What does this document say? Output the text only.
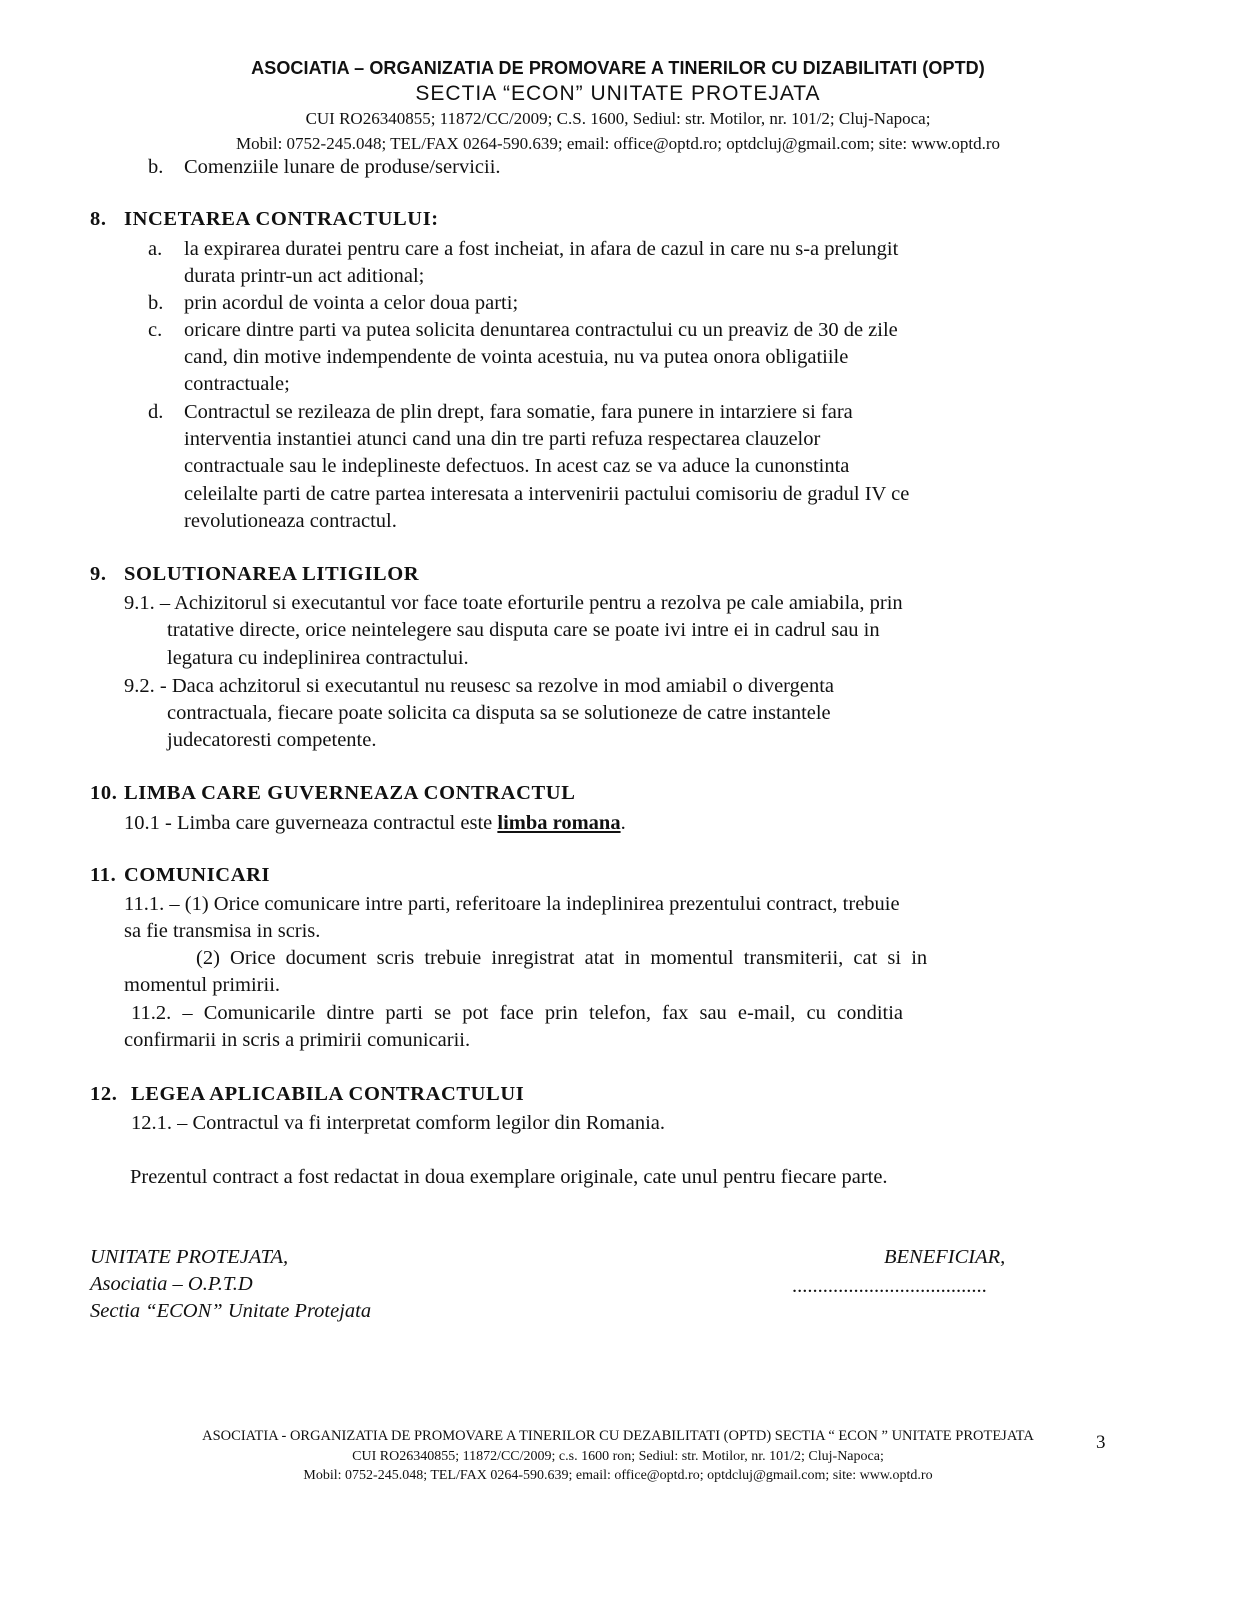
ASOCIATIA – ORGANIZATIA DE PROMOVARE A TINERILOR CU DIZABILITATI (OPTD)
SECTIA “ECON” UNITATE PROTEJATA
CUI RO26340855; 11872/CC/2009; C.S. 1600, Sediul: str. Motilor, nr. 101/2; Cluj-Napoca;
Mobil: 0752-245.048; TEL/FAX 0264-590.639; email: office@optd.ro; optdcluj@gmail.com; site: www.optd.ro
b. Comenziile lunare de produse/servicii.
8. INCETAREA CONTRACTULUI:
a. la expirarea duratei pentru care a fost incheiat, in afara de cazul in care nu s-a prelungit
durata printr-un act aditional;
b. prin acordul de vointa a celor doua parti;
c. oricare dintre parti va putea solicita denuntarea contractului cu un preaviz de 30 de zile
cand, din motive indempendente de vointa acestuia, nu va putea onora obligatiile
contractuale;
d. Contractul se rezileaza de plin drept, fara somatie, fara punere in intarziere si fara
interventia instantiei atunci cand una din tre parti refuza respectarea clauzelor
contractuale sau le indeplineste defectuos. In acest caz se va aduce la cunonstinta
celeilalte parti de catre partea interesata a intervenirii pactului comisoriu de gradul IV ce
revolutioneaza contractul.
9. SOLUTIONAREA LITIGILOR
9.1. – Achizitorul si executantul vor face toate eforturile pentru a rezolva pe cale amiabila, prin
tratative directe, orice neintelegere sau disputa care se poate ivi intre ei in cadrul sau in
legatura cu indeplinirea contractului.
9.2. - Daca achzitorul si executantul nu reusesc sa rezolve in mod amiabil o divergenta
contractuala, fiecare poate solicita ca disputa sa se solutioneze de catre instantele
judecatoresti competente.
10. LIMBA CARE GUVERNEAZA CONTRACTUL
10.1 - Limba care guverneaza contractul este limba romana.
11. COMUNICARI
11.1. – (1) Orice comunicare intre parti, referitoare la indeplinirea prezentului contract, trebuie
sa fie transmisa in scris.
(2) Orice document scris trebuie inregistrat atat in momentul transmiterii, cat si in
momentul primirii.
11.2. – Comunicarile dintre parti se pot face prin telefon, fax sau e-mail, cu conditia
confirmarii in scris a primirii comunicarii.
12. LEGEA APLICABILA CONTRACTULUI
12.1. – Contractul va fi interpretat comform legilor din Romania.
Prezentul contract a fost redactat in doua exemplare originale, cate unul pentru fiecare parte.
UNITATE PROTEJATA,
Asociatia – O.P.T.D
Sectia “ECON” Unitate Protejata
BENEFICIAR,
......................................
ASOCIATIA - ORGANIZATIA DE PROMOVARE A TINERILOR CU DEZABILITATI (OPTD) SECTIA “ ECON ” UNITATE PROTEJATA
CUI RO26340855; 11872/CC/2009; c.s. 1600 ron; Sediul: str. Motilor, nr. 101/2; Cluj-Napoca;
Mobil: 0752-245.048; TEL/FAX 0264-590.639; email: office@optd.ro; optdcluj@gmail.com; site: www.optd.ro
3
